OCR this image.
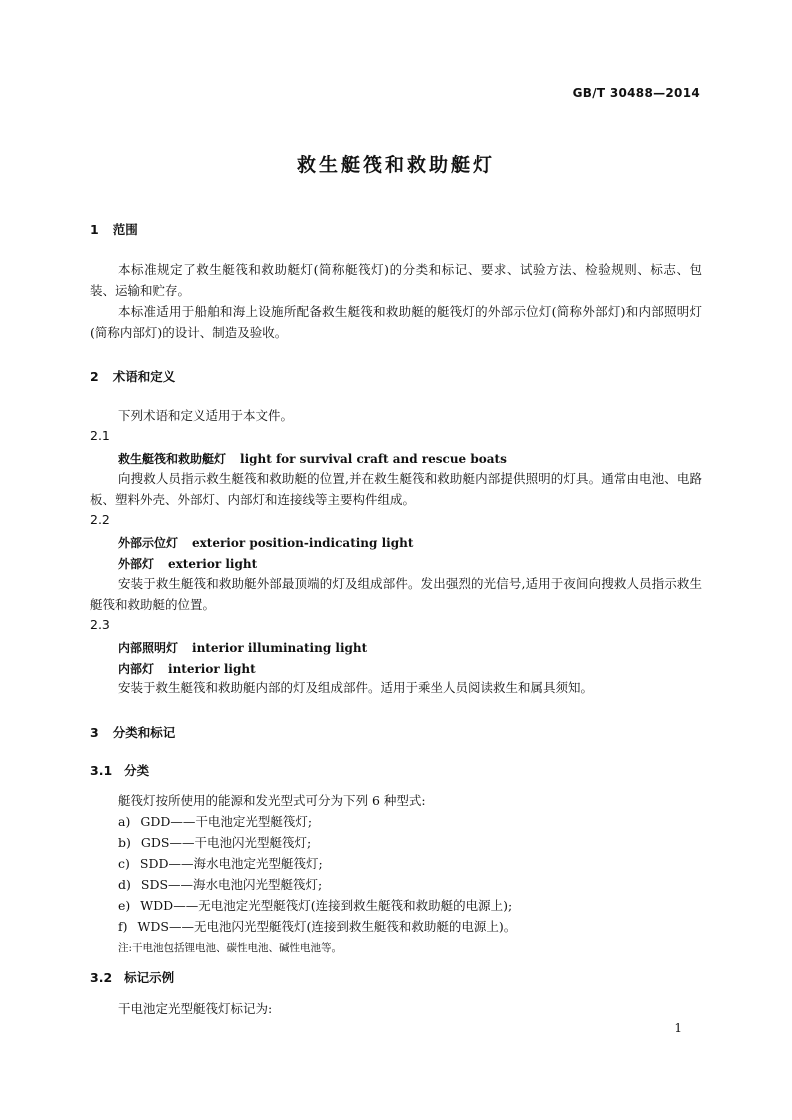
GB/T 30488—2014
救生艇筏和救助艇灯
1 范围
本标准规定了救生艇筏和救助艇灯(简称艇筏灯)的分类和标记、要求、试验方法、检验规则、标志、包装、运输和贮存。
本标准适用于船舶和海上设施所配备救生艇筏和救助艇的艇筏灯的外部示位灯(简称外部灯)和内部照明灯(简称内部灯)的设计、制造及验收。
2 术语和定义
下列术语和定义适用于本文件。
2.1
救生艇筏和救助艇灯 light for survival craft and rescue boats
向搜救人员指示救生艇筏和救助艇的位置,并在救生艇筏和救助艇内部提供照明的灯具。通常由电池、电路板、塑料外壳、外部灯、内部灯和连接线等主要构件组成。
2.2
外部示位灯 exterior position-indicating light
外部灯 exterior light
安装于救生艇筏和救助艇外部最顶端的灯及组成部件。发出强烈的光信号,适用于夜间向搜救人员指示救生艇筏和救助艇的位置。
2.3
内部照明灯 interior illuminating light
内部灯 interior light
安装于救生艇筏和救助艇内部的灯及组成部件。适用于乘坐人员阅读救生和属具须知。
3 分类和标记
3.1 分类
艇筏灯按所使用的能源和发光型式可分为下列 6 种型式:
a) GDD——干电池定光型艇筏灯;
b) GDS——干电池闪光型艇筏灯;
c) SDD——海水电池定光型艇筏灯;
d) SDS——海水电池闪光型艇筏灯;
e) WDD——无电池定光型艇筏灯(连接到救生艇筏和救助艇的电源上);
f) WDS——无电池闪光型艇筏灯(连接到救生艇筏和救助艇的电源上)。
注:干电池包括锂电池、碳性电池、碱性电池等。
3.2 标记示例
干电池定光型艇筏灯标记为:
1
